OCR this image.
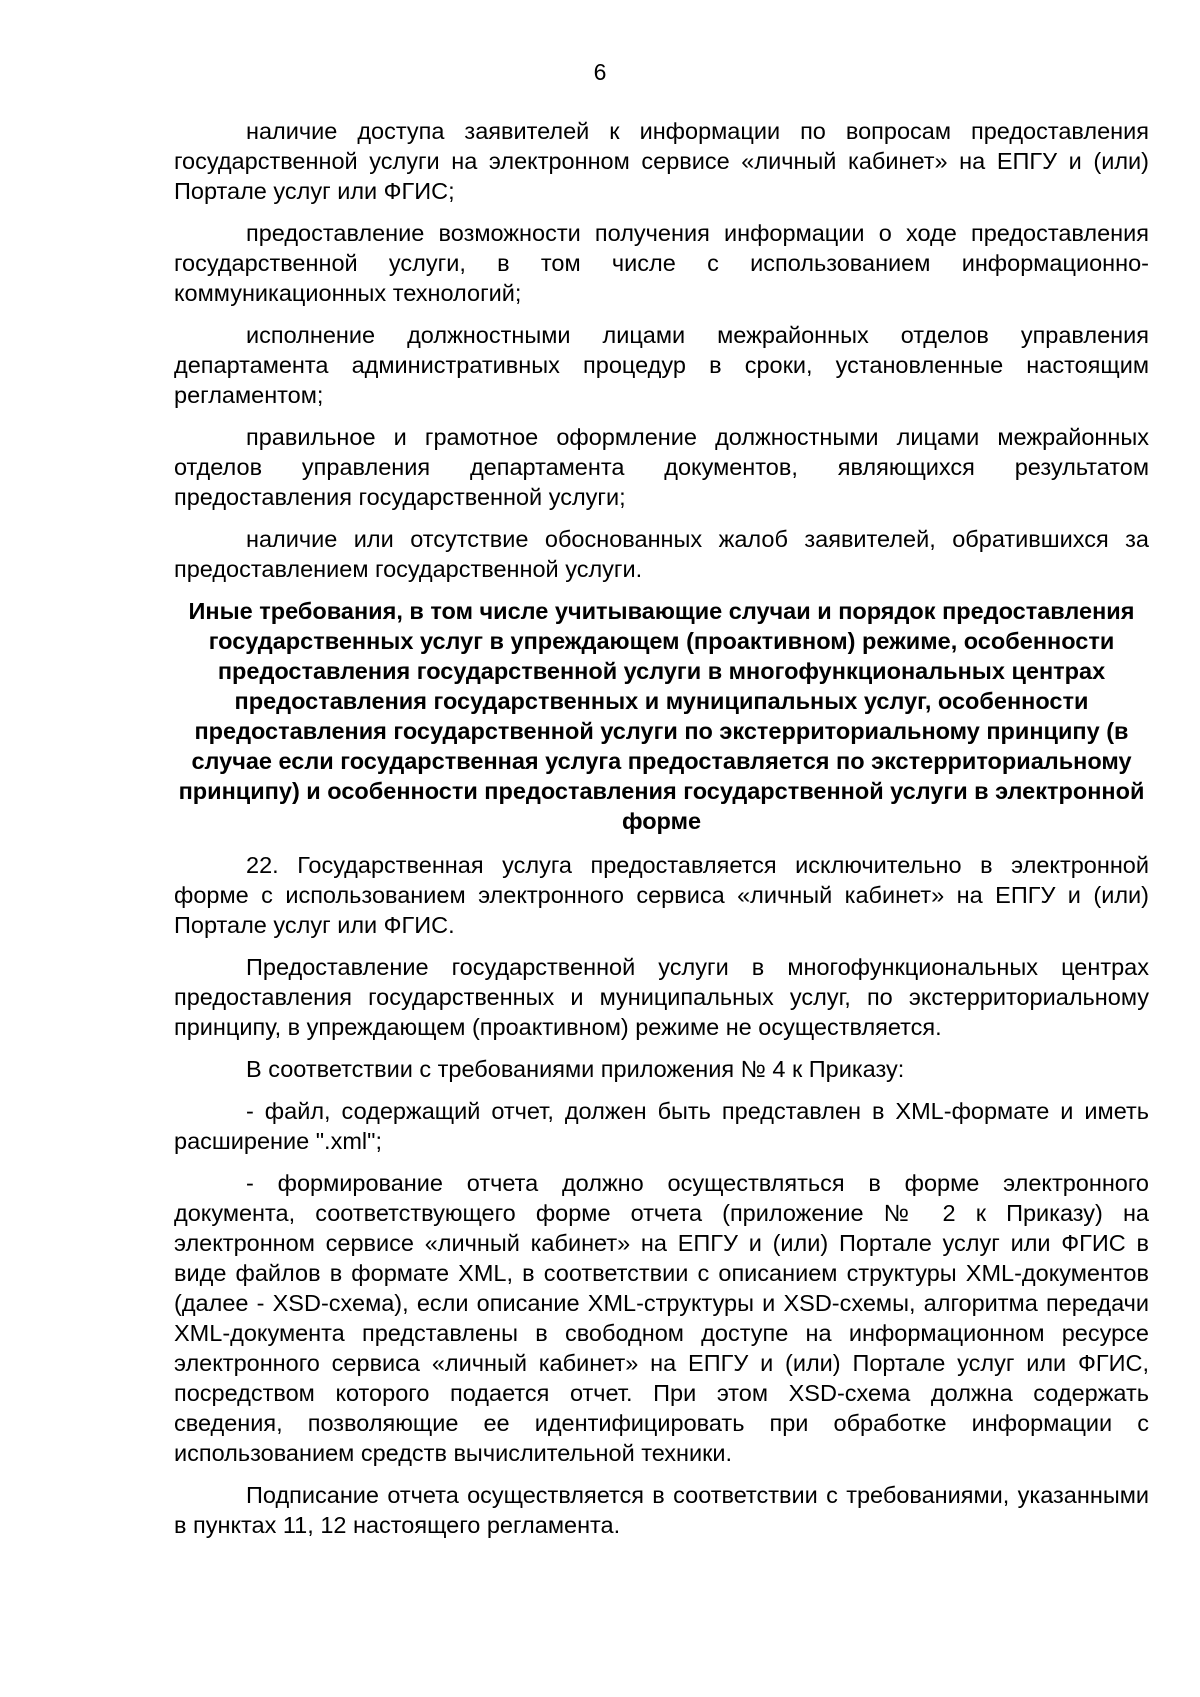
6

наличие доступа заявителей к информации по вопросам предоставления государственной услуги на электронном сервисе «личный кабинет» на ЕПГУ и (или) Портале услуг или ФГИС;

предоставление возможности получения информации о ходе предоставления государственной услуги, в том числе с использованием информационно-коммуникационных технологий;

исполнение должностными лицами межрайонных отделов управления департамента административных процедур в сроки, установленные настоящим регламентом;

правильное и грамотное оформление должностными лицами межрайонных отделов управления департамента документов, являющихся результатом предоставления государственной услуги;

наличие или отсутствие обоснованных жалоб заявителей, обратившихся за предоставлением государственной услуги.

Иные требования, в том числе учитывающие случаи и порядок предоставления государственных услуг в упреждающем (проактивном) режиме, особенности предоставления государственной услуги в многофункциональных центрах предоставления государственных и муниципальных услуг, особенности предоставления государственной услуги по экстерриториальному принципу (в случае если государственная услуга предоставляется по экстерриториальному принципу) и особенности предоставления государственной услуги в электронной форме

22. Государственная услуга предоставляется исключительно в электронной форме с использованием электронного сервиса «личный кабинет» на ЕПГУ и (или) Портале услуг или ФГИС.

Предоставление государственной услуги в многофункциональных центрах предоставления государственных и муниципальных услуг, по экстерриториальному принципу, в упреждающем (проактивном) режиме не осуществляется.

В соответствии с требованиями приложения № 4 к Приказу:

- файл, содержащий отчет, должен быть представлен в XML-формате и иметь расширение ".xml";

- формирование отчета должно осуществляться в форме электронного документа, соответствующего форме отчета (приложение № 2 к Приказу) на электронном сервисе «личный кабинет» на ЕПГУ и (или) Портале услуг или ФГИС в виде файлов в формате XML, в соответствии с описанием структуры XML-документов (далее - XSD-схема), если описание XML-структуры и XSD-схемы, алгоритма передачи XML-документа представлены в свободном доступе на информационном ресурсе электронного сервиса «личный кабинет» на ЕПГУ и (или) Портале услуг или ФГИС, посредством которого подается отчет. При этом XSD-схема должна содержать сведения, позволяющие ее идентифицировать при обработке информации с использованием средств вычислительной техники.

Подписание отчета осуществляется в соответствии с требованиями, указанными в пунктах 11, 12 настоящего регламента.
